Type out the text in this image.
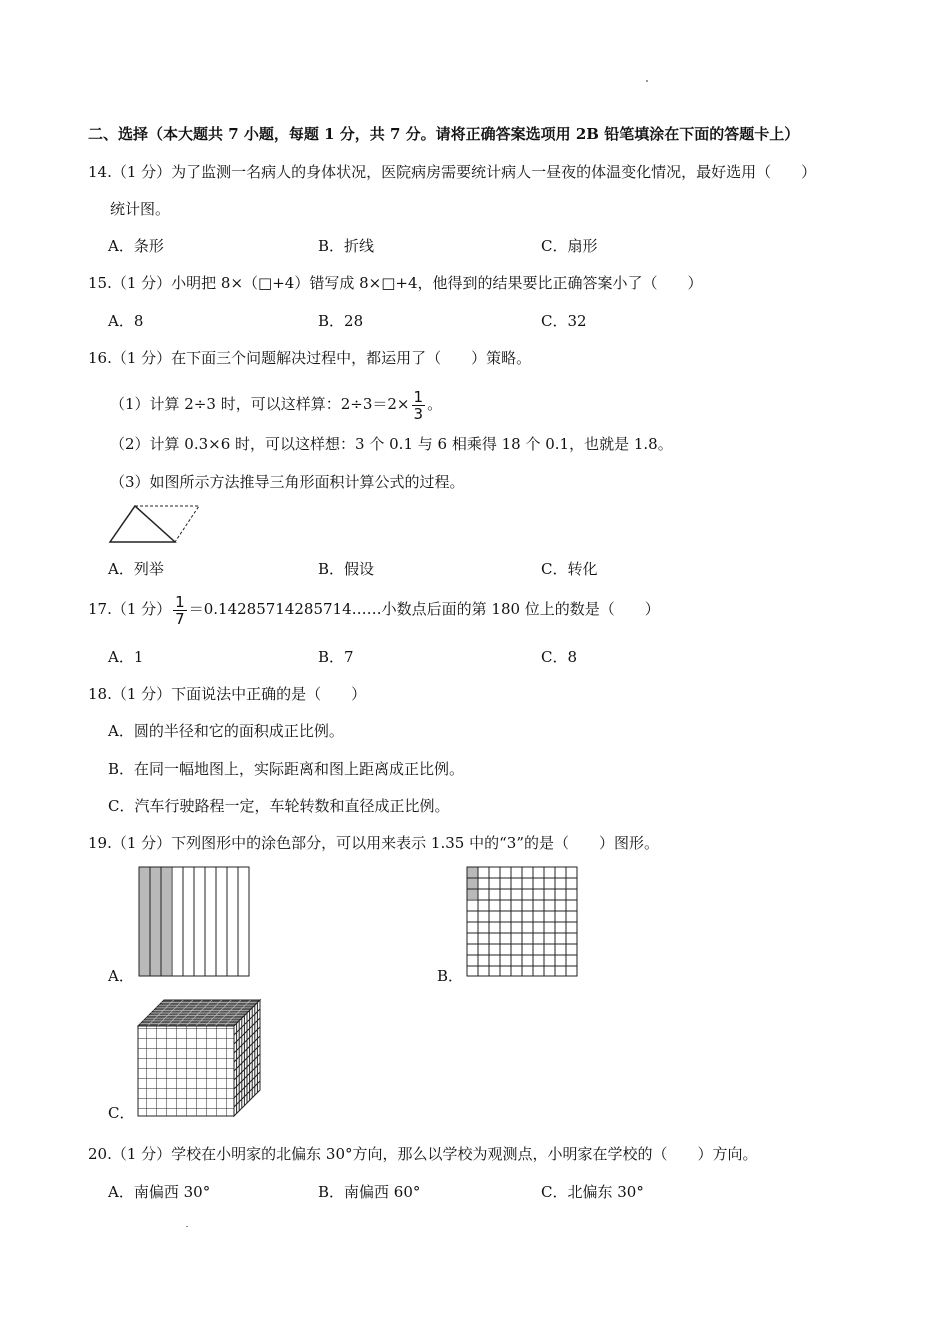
二、选择（本大题共 7 小题，每题 1 分，共 7 分。请将正确答案选项用 2B 铅笔填涂在下面的答题卡上）
14.（1 分）为了监测一名病人的身体状况，医院病房需要统计病人一昼夜的体温变化情况，最好选用（　　）
统计图。
A．条形	B．折线	C．扇形
15.（1 分）小明把 8×（□+4）错写成 8×□+4，他得到的结果要比正确答案小了（　　）
A．8	B．28	C．32
16.（1 分）在下面三个问题解决过程中，都运用了（　　）策略。
（1）计算 2÷3 时，可以这样算：$2\div 3=2\times \frac{1}{3}$ 。
（2）计算 0.3×6 时，可以这样想：3 个 0.1 与 6 相乘得 18 个 0.1，也就是 1.8。
（3）如图所示方法推导三角形面积计算公式的过程。
A．列举	B．假设	C．转化
17.（1 分） $\frac{1}{7}$ ＝0.14285714285714……小数点后面的第 180 位上的数是（　　）
A．1	B．7	C．8
18.（1 分）下面说法中正确的是（　　）
A．圆的半径和它的面积成正比例。
B．在同一幅地图上，实际距离和图上距离成正比例。
C．汽车行驶路程一定，车轮转数和直径成正比例。
19.（1 分）下列图形中的涂色部分，可以用来表示 1.35 中的“3”的是（　　）图形。
A．	B．
C．
20.（1 分）学校在小明家的北偏东 30°方向，那么以学校为观测点，小明家在学校的（　　）方向。
A．南偏西 30°	B．南偏西 60°	C．北偏东 30°
